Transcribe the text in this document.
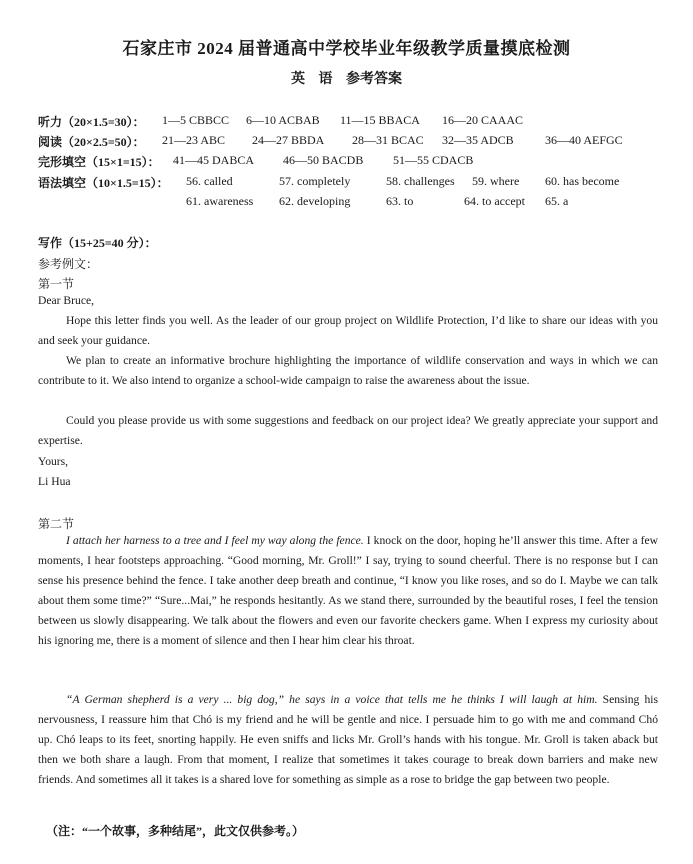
石家庄市 2024 届普通高中学校毕业年级教学质量摸底检测
英 语 参考答案
听力（20×1.5=30）： 1—5 CBBCC 6—10 ACBAB 11—15 BBACA 16—20 CAAAC
阅读（20×2.5=50）： 21—23 ABC 24—27 BBDA 28—31 BCAC 32—35 ADCB	36—40 AEFGC
完形填空（15×1=15）： 41—45 DABCA 46—50 BACDB 51—55 CDACB
语法填空（10×1.5=15）： 56. called	57. completely	58. challenges 59. where 60. has become
61. awareness 62. developing	63. to	64. to accept 65. a
写作（15+25=40 分）：
参考例文：
第一节
Dear Bruce,
Hope this letter finds you well. As the leader of our group project on Wildlife Protection, I’d like to share our ideas with you and seek your guidance.
We plan to create an informative brochure highlighting the importance of wildlife conservation and ways in which we can contribute to it. We also intend to organize a school-wide campaign to raise the awareness about the issue.
Could you please provide us with some suggestions and feedback on our project idea? We greatly appreciate your support and expertise.
Yours,
Li Hua
第二节
I attach her harness to a tree and I feel my way along the fence. I knock on the door, hoping he’ll answer this time. After a few moments, I hear footsteps approaching. “Good morning, Mr. Groll!” I say, trying to sound cheerful. There is no response but I can sense his presence behind the fence. I take another deep breath and continue, “I know you like roses, and so do I. Maybe we can talk about them some time?” “Sure...Mai,” he responds hesitantly. As we stand there, surrounded by the beautiful roses, I feel the tension between us slowly disappearing. We talk about the flowers and even our favorite checkers game. When I express my curiosity about his ignoring me, there is a moment of silence and then I hear him clear his throat.
“A German shepherd is a very ... big dog,” he says in a voice that tells me he thinks I will laugh at him. Sensing his nervousness, I reassure him that Chó is my friend and he will be gentle and nice. I persuade him to go with me and command Chó up. Chó leaps to its feet, snorting happily. He even sniffs and licks Mr. Groll’s hands with his tongue. Mr. Groll is taken aback but then we both share a laugh. From that moment, I realize that sometimes it takes courage to break down barriers and make new friends. And sometimes all it takes is a shared love for something as simple as a rose to bridge the gap between two people.
（注：“一个故事，多种结尾”，此文仅供参考。）
